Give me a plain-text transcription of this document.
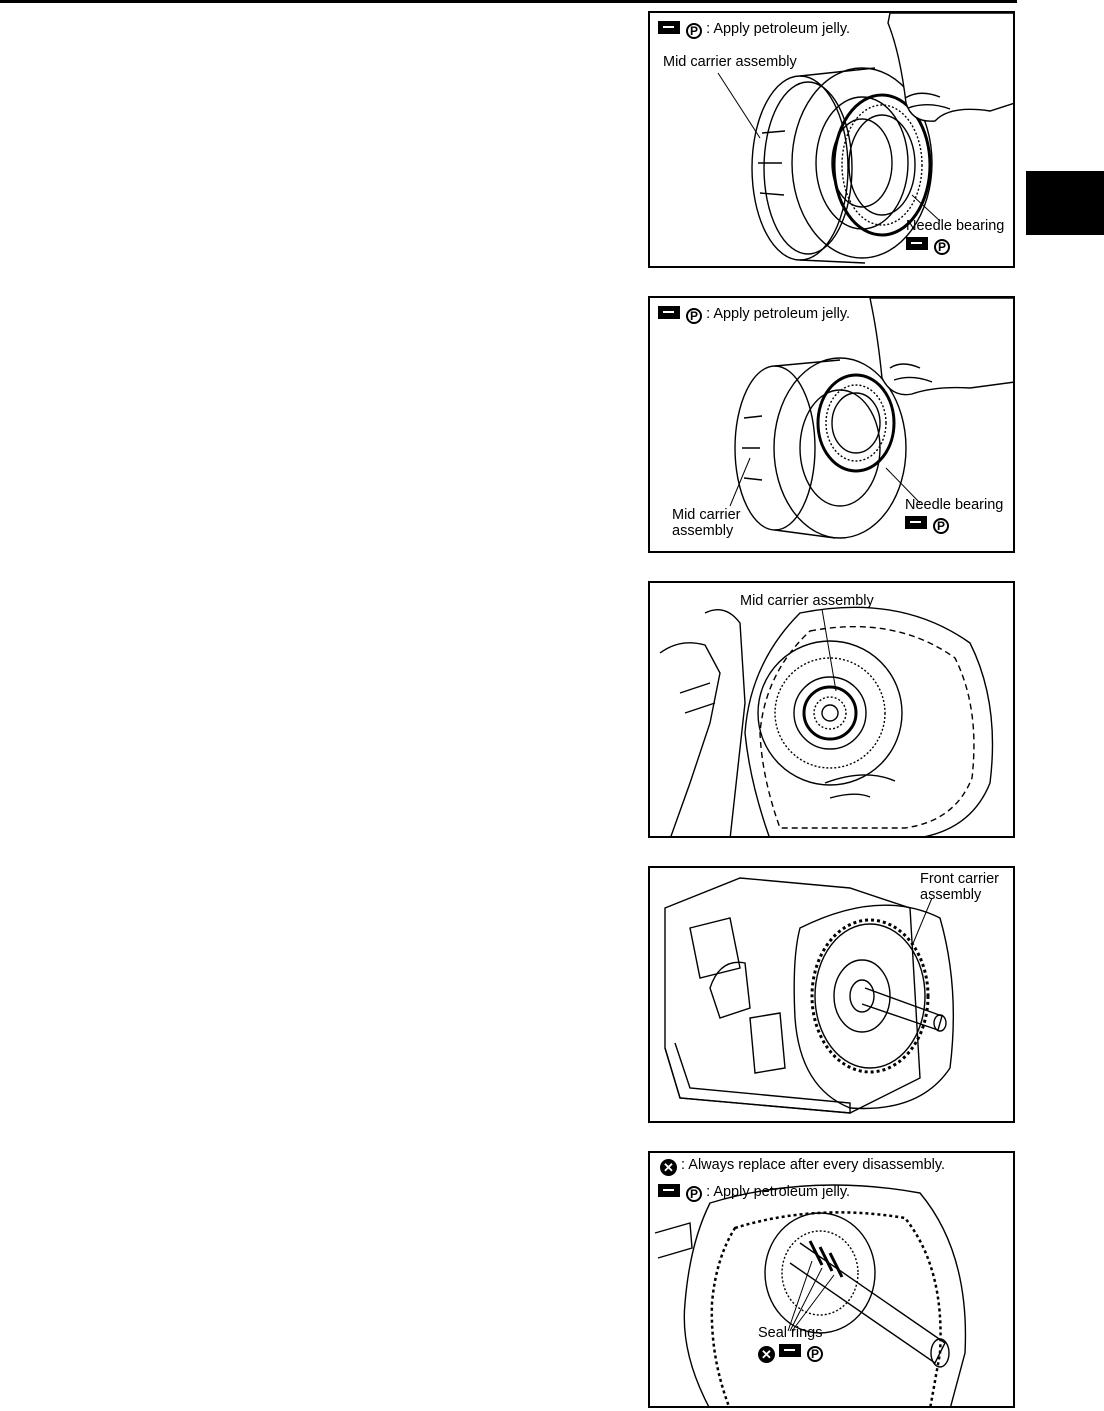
P : Apply petroleum jelly.
Mid carrier assembly
Needle bearing
P
P : Apply petroleum jelly.
Mid carrier
assembly
Needle bearing
P
Mid carrier assembly
Front carrier
assembly
✕ : Always replace after every disassembly.
P : Apply petroleum jelly.
Seal rings
✕	P
